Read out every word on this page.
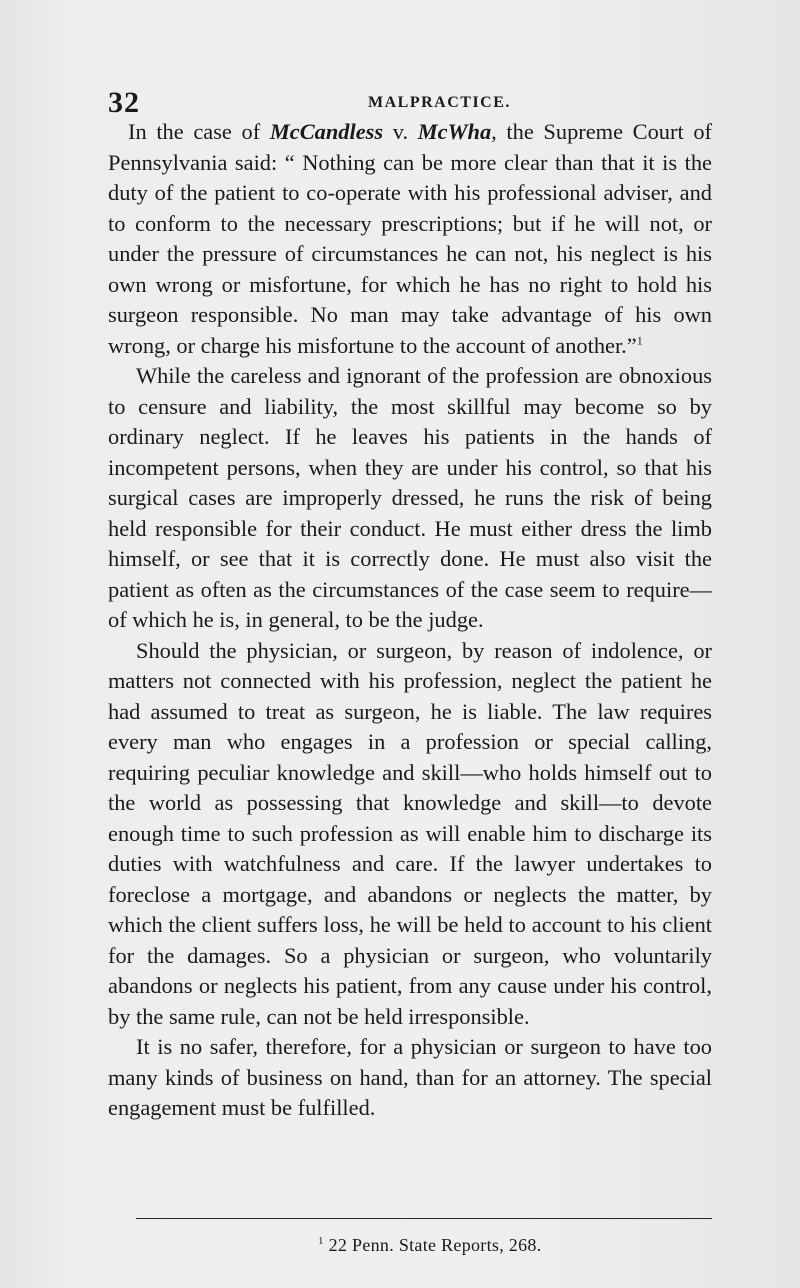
32	MALPRACTICE.

In the case of McCandless v. McWha, the Supreme Court of Pennsylvania said: “ Nothing can be more clear than that it is the duty of the patient to co-operate with his professional adviser, and to conform to the necessary prescriptions; but if he will not, or under the pressure of circumstances he can not, his neglect is his own wrong or misfortune, for which he has no right to hold his surgeon responsible. No man may take advantage of his own wrong, or charge his misfortune to the account of another.”$^1$

While the careless and ignorant of the profession are obnoxious to censure and liability, the most skillful may become so by ordinary neglect. If he leaves his patients in the hands of incompetent persons, when they are under his control, so that his surgical cases are improperly dressed, he runs the risk of being held responsible for their conduct. He must either dress the limb himself, or see that it is correctly done. He must also visit the patient as often as the circumstances of the case seem to require—of which he is, in general, to be the judge.

Should the physician, or surgeon, by reason of indolence, or matters not connected with his profession, neglect the patient he had assumed to treat as surgeon, he is liable. The law requires every man who engages in a profession or special calling, requiring peculiar knowledge and skill—who holds himself out to the world as possessing that knowledge and skill—to devote enough time to such profession as will enable him to discharge its duties with watchfulness and care. If the lawyer undertakes to foreclose a mortgage, and abandons or neglects the matter, by which the client suffers loss, he will be held to account to his client for the damages. So a physician or surgeon, who voluntarily abandons or neglects his patient, from any cause under his control, by the same rule, can not be held irresponsible.

It is no safer, therefore, for a physician or surgeon to have too many kinds of business on hand, than for an attorney. The special engagement must be fulfilled.

$^1$ 22 Penn. State Reports, 268.
